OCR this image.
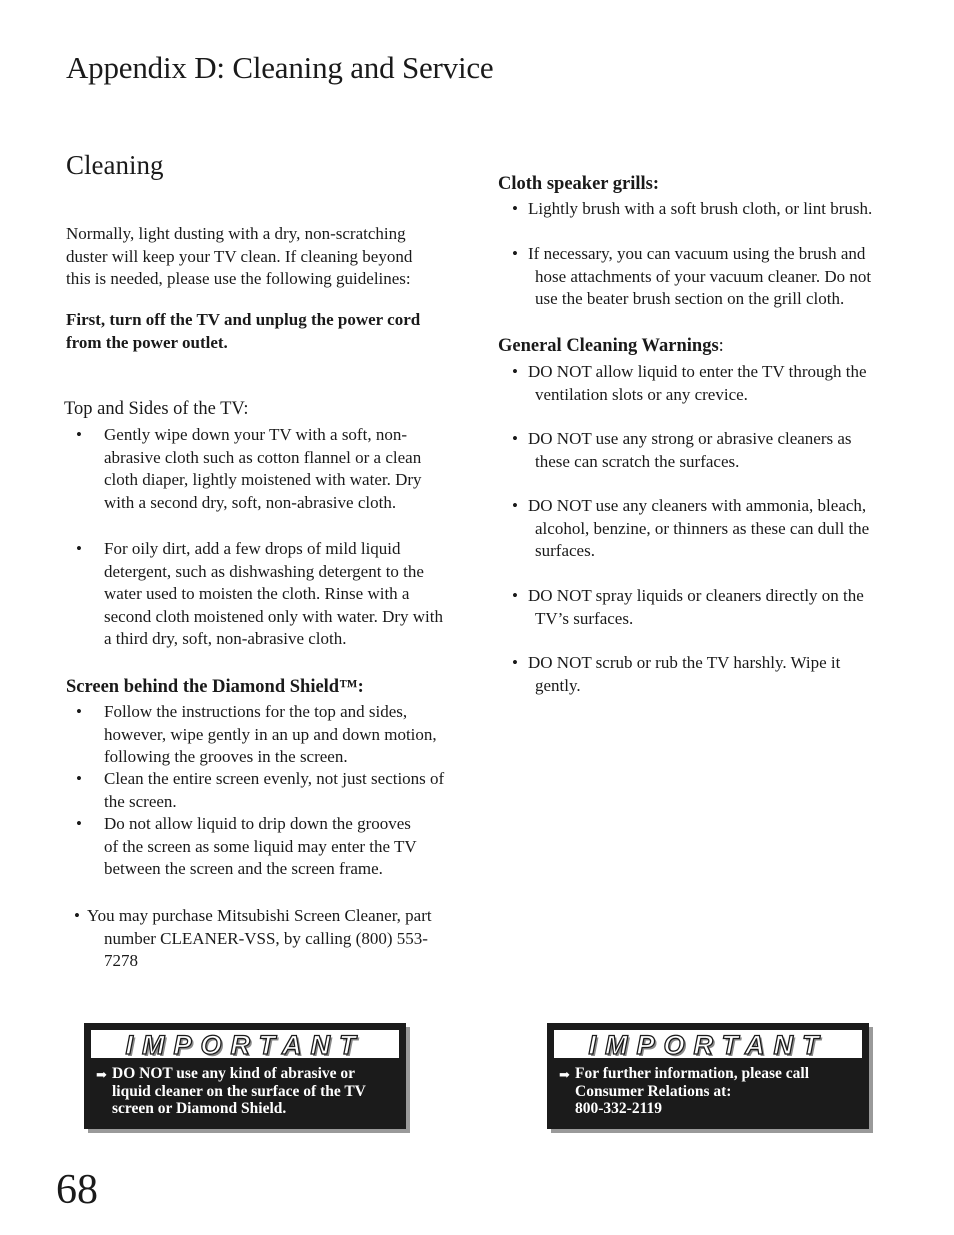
Appendix D: Cleaning and Service
Cleaning
Normally, light dusting with a dry, non-scratching
duster will keep your TV clean. If cleaning beyond
this is needed, please use the following guidelines:
First, turn off the TV and unplug the power cord
from the power outlet.
Top and Sides of the TV:
• Gently wipe down your TV with a soft, non-
abrasive cloth such as cotton flannel or a clean
cloth diaper, lightly moistened with water. Dry
with a second dry, soft, non-abrasive cloth.
• For oily dirt, add a few drops of mild liquid
detergent, such as dishwashing detergent to the
water used to moisten the cloth. Rinse with a
second cloth moistened only with water. Dry with
a third dry, soft, non-abrasive cloth.
Screen behind the Diamond Shield™:
• Follow the instructions for the top and sides,
however, wipe gently in an up and down motion,
following the grooves in the screen.
• Clean the entire screen evenly, not just sections of
the screen.
• Do not allow liquid to drip down the grooves
of the screen as some liquid may enter the TV
between the screen and the screen frame.
• You may purchase Mitsubishi Screen Cleaner, part
number CLEANER-VSS, by calling (800) 553-
7278
Cloth speaker grills:
• Lightly brush with a soft brush cloth, or lint brush.
• If necessary, you can vacuum using the brush and
hose attachments of your vacuum cleaner. Do not
use the beater brush section on the grill cloth.
General Cleaning Warnings:
• DO NOT allow liquid to enter the TV through the
ventilation slots or any crevice.
• DO NOT use any strong or abrasive cleaners as
these can scratch the surfaces.
• DO NOT use any cleaners with ammonia, bleach,
alcohol, benzine, or thinners as these can dull the
surfaces.
• DO NOT spray liquids or cleaners directly on the
TV’s surfaces.
• DO NOT scrub or rub the TV harshly. Wipe it
gently.
IMPORTANT
➡ DO NOT use any kind of abrasive or
liquid cleaner on the surface of the TV
screen or Diamond Shield.
IMPORTANT
➡ For further information, please call
Consumer Relations at:
800-332-2119
68
